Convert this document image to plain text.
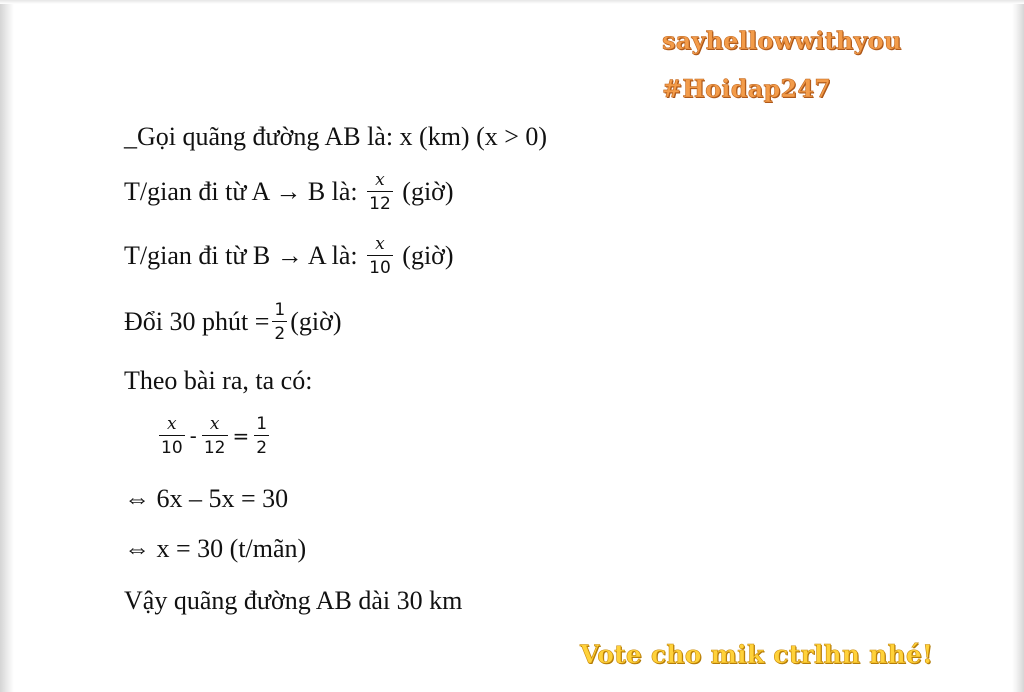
sayhellowwithyou
#Hoidap247
_Gọi quãng đường AB là: x (km) (x > 0)
T/gian đi từ A → B là: $\frac{x}{12}$ (giờ)
T/gian đi từ B → A là: $\frac{x}{10}$ (giờ)
Đổi 30 phút = $\frac{1}{2}$ (giờ)
Theo bài ra, ta có:
$\frac{x}{10} - \frac{x}{12} = \frac{1}{2}$
⇔ 6x – 5x = 30
⇔ x = 30 (t/mãn)
Vậy quãng đường AB dài 30 km
Vote cho mik ctrlhn nhé!
